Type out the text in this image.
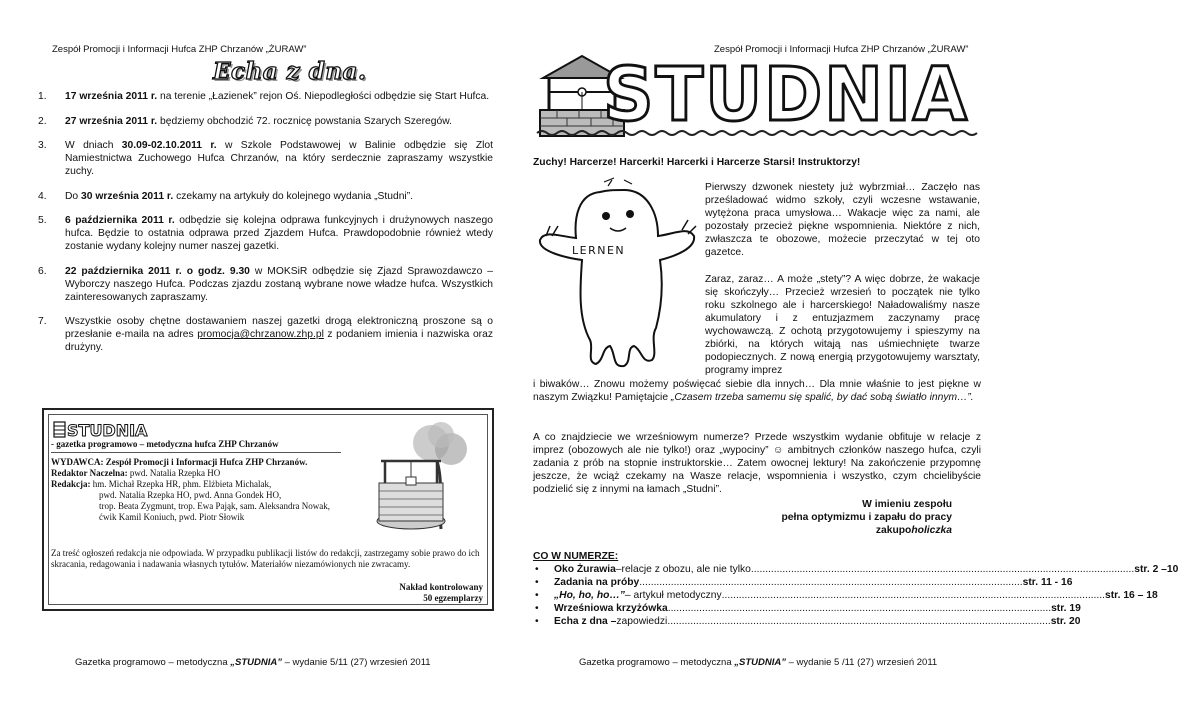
Zespół Promocji i Informacji Hufca ZHP Chrzanów „ŻURAW”
Echa z dna.
1. 17 września 2011 r. na terenie „Łazienek” rejon Oś. Niepodległości odbędzie się Start Hufca.
2. 27 września 2011 r. będziemy obchodzić 72. rocznicę powstania Szarych Szeregów.
3. W dniach 30.09-02.10.2011 r. w Szkole Podstawowej w Balinie odbędzie się Zlot Namiestnictwa Zuchowego Hufca Chrzanów, na który serdecznie zapraszamy wszystkie zuchy.
4. Do 30 września 2011 r. czekamy na artykuły do kolejnego wydania „Studni”.
5. 6 października 2011 r. odbędzie się kolejna odprawa funkcyjnych i drużynowych naszego hufca. Będzie to ostatnia odprawa przed Zjazdem Hufca. Prawdopodobnie również wtedy zostanie wydany kolejny numer naszej gazetki.
6. 22 października 2011 r. o godz. 9.30 w MOKSiR odbędzie się Zjazd Sprawozdawczo – Wyborczy naszego Hufca. Podczas zjazdu zostaną wybrane nowe władze hufca. Wszystkich zainteresowanych zapraszamy.
7. Wszystkie osoby chętne dostawaniem naszej gazetki drogą elektroniczną proszone są o przesłanie e-maila na adres promocja@chrzanow.zhp.pl z podaniem imienia i nazwiska oraz drużyny.
STUDNIA
- gazetka programowo – metodyczna hufca ZHP Chrzanów
WYDAWCA: Zespół Promocji i Informacji Hufca ZHP Chrzanów.
Redaktor Naczelna: pwd. Natalia Rzepka HO
Redakcja: hm. Michał Rzepka HR, phm. Elżbieta Michalak,
pwd. Natalia Rzepka HO, pwd. Anna Gondek HO,
trop. Beata Zygmunt, trop. Ewa Pająk, sam. Aleksandra Nowak,
ćwik Kamil Koniuch, pwd. Piotr Słowik
Za treść ogłoszeń redakcja nie odpowiada. W przypadku publikacji listów do redakcji, zastrzegamy sobie prawo do ich skracania, redagowania i nadawania własnych tytułów. Materiałów niezamówionych nie zwracamy.
Nakład kontrolowany
50 egzemplarzy
Gazetka programowo – metodyczna „STUDNIA” – wydanie 5/11 (27) wrzesień 2011
Zespół Promocji i Informacji Hufca ZHP Chrzanów „ŻURAW”
STUDNIA
Zuchy! Harcerze! Harcerki! Harcerki i Harcerze Starsi! Instruktorzy!
LERNEN
Pierwszy dzwonek niestety już wybrzmiał… Zaczęło nas prześladować widmo szkoły, czyli wczesne wstawanie, wytężona praca umysłowa… Wakacje więc za nami, ale pozostały przecież piękne wspomnienia. Niektóre z nich, zwłaszcza te obozowe, możecie przeczytać w tej oto gazetce.
Zaraz, zaraz… A może „stety”? A więc dobrze, że wakacje się skończyły… Przecież wrzesień to początek nie tylko roku szkolnego ale i harcerskiego! Naładowaliśmy nasze akumulatory i z entuzjazmem zaczynamy pracę wychowawczą. Z ochotą przygotowujemy i spieszymy na zbiórki, na których witają nas uśmiechnięte twarze podopiecznych. Z nową energią przygotowujemy warsztaty, programy imprez
i biwaków… Znowu możemy poświęcać siebie dla innych… Dla mnie właśnie to jest piękne w naszym Związku! Pamiętajcie „Czasem trzeba samemu się spalić, by dać sobą światło innym…”.
A co znajdziecie we wrześniowym numerze? Przede wszystkim wydanie obfituje w relacje z imprez (obozowych ale nie tylko!) oraz „wypociny” ☺ ambitnych członków naszego hufca, czyli zadania z prób na stopnie instruktorskie… Zatem owocnej lektury! Na zakończenie przypomnę jeszcze, że wciąż czekamy na Wasze relacje, wspomnienia i wszystko, czym chcielibyście podzielić się z innymi na łamach „Studni”.
W imieniu zespołu
pełna optymizmu i zapału do pracy
zakupoholiczka
CO W NUMERZE:
• Oko Żurawia –relacje z obozu, ale nie tylko ...................................................................................................................................... str. 2 –10
• Zadania na próby ...................................................................................................................................... str. 11 - 16
• „Ho, ho, ho…” – artykuł metodyczny ...................................................................................................................................... str. 16 – 18
• Wrześniowa krzyżówka ...................................................................................................................................... str. 19
• Echa z dna – zapowiedzi ...................................................................................................................................... str. 20
Gazetka programowo – metodyczna „STUDNIA” – wydanie 5 /11 (27) wrzesień 2011
